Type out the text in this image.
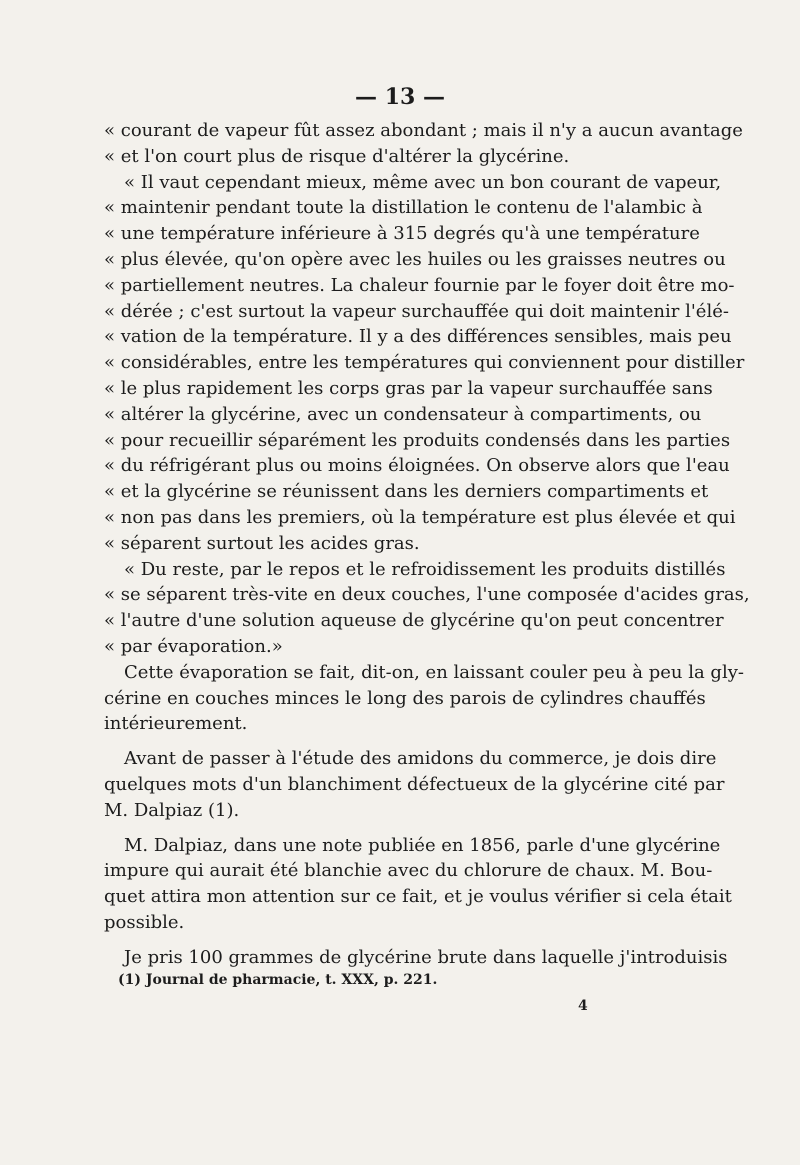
— 13 —
« courant de vapeur fût assez abondant ; mais il n'y a aucun avantage
« et l'on court plus de risque d'altérer la glycérine.
« Il vaut cependant mieux, même avec un bon courant de vapeur,
« maintenir pendant toute la distillation le contenu de l'alambic à
« une température inférieure à 315 degrés qu'à une température
« plus élevée, qu'on opère avec les huiles ou les graisses neutres ou
« partiellement neutres. La chaleur fournie par le foyer doit être mo-
« dérée ; c'est surtout la vapeur surchauffée qui doit maintenir l'élé-
« vation de la température. Il y a des différences sensibles, mais peu
« considérables, entre les températures qui conviennent pour distiller
« le plus rapidement les corps gras par la vapeur surchauffée sans
« altérer la glycérine, avec un condensateur à compartiments, ou
« pour recueillir séparément les produits condensés dans les parties
« du réfrigérant plus ou moins éloignées. On observe alors que l'eau
« et la glycérine se réunissent dans les derniers compartiments et
« non pas dans les premiers, où la température est plus élevée et qui
« séparent surtout les acides gras.
« Du reste, par le repos et le refroidissement les produits distillés
« se séparent très-vite en deux couches, l'une composée d'acides gras,
« l'autre d'une solution aqueuse de glycérine qu'on peut concentrer
« par évaporation.»
Cette évaporation se fait, dit-on, en laissant couler peu à peu la gly-
cérine en couches minces le long des parois de cylindres chauffés
intérieurement.
Avant de passer à l'étude des amidons du commerce, je dois dire
quelques mots d'un blanchiment défectueux de la glycérine cité par
M. Dalpiaz (1).
M. Dalpiaz, dans une note publiée en 1856, parle d'une glycérine
impure qui aurait été blanchie avec du chlorure de chaux. M. Bou-
quet attira mon attention sur ce fait, et je voulus vérifier si cela était
possible.
Je pris 100 grammes de glycérine brute dans laquelle j'introduisis
(1) Journal de pharmacie, t. XXX, p. 221.
4
